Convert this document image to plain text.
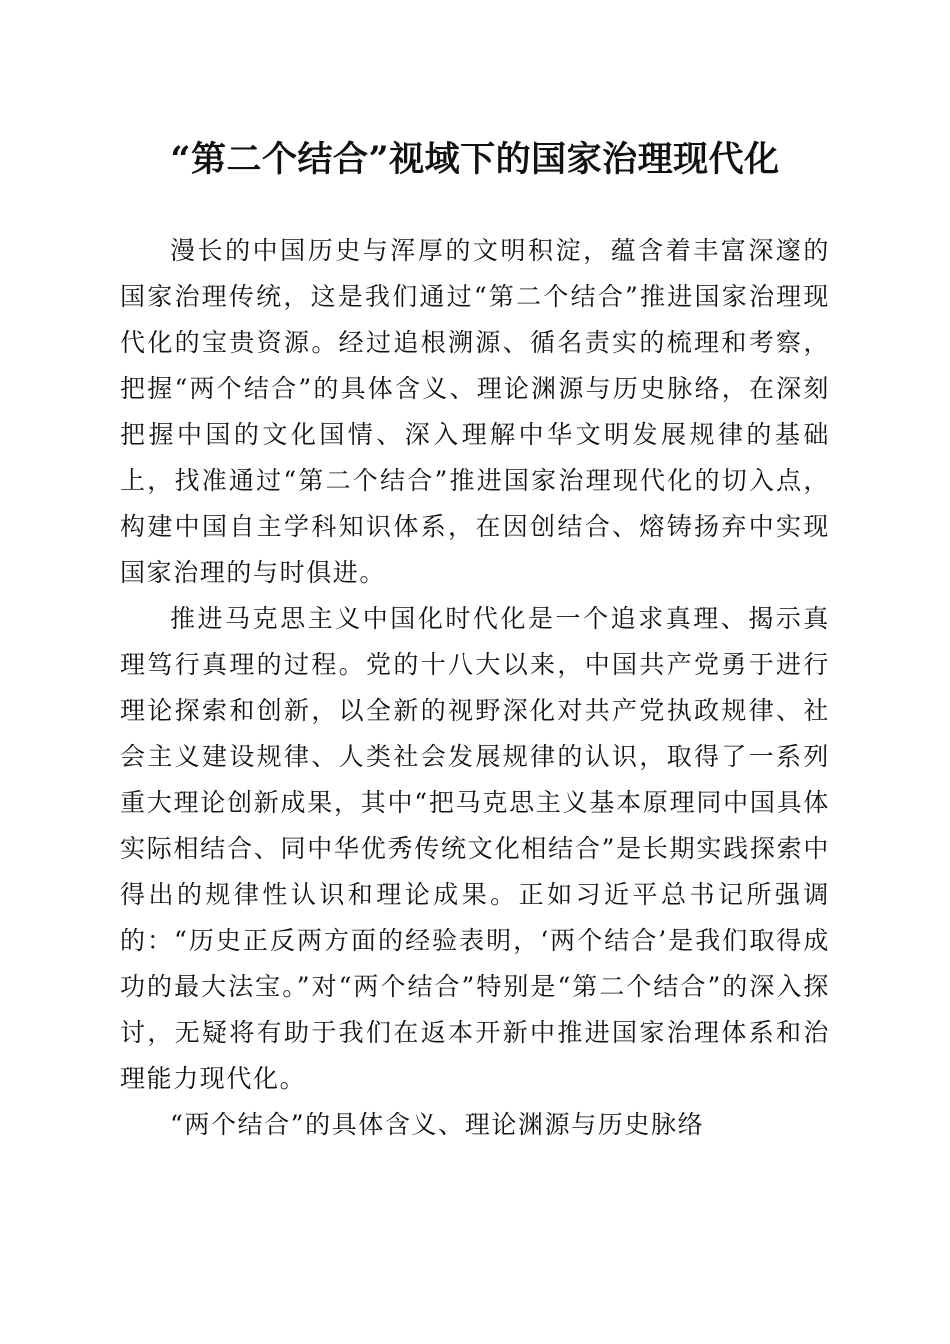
“第二个结合”视域下的国家治理现代化

漫长的中国历史与浑厚的文明积淀，蕴含着丰富深邃的国家治理传统，这是我们通过“第二个结合”推进国家治理现代化的宝贵资源。经过追根溯源、循名责实的梳理和考察，把握“两个结合”的具体含义、理论渊源与历史脉络，在深刻把握中国的文化国情、深入理解中华文明发展规律的基础上，找准通过“第二个结合”推进国家治理现代化的切入点，构建中国自主学科知识体系，在因创结合、熔铸扬弃中实现国家治理的与时俱进。

推进马克思主义中国化时代化是一个追求真理、揭示真理笃行真理的过程。党的十八大以来，中国共产党勇于进行理论探索和创新，以全新的视野深化对共产党执政规律、社会主义建设规律、人类社会发展规律的认识，取得了一系列重大理论创新成果，其中“把马克思主义基本原理同中国具体实际相结合、同中华优秀传统文化相结合”是长期实践探索中得出的规律性认识和理论成果。正如习近平总书记所强调的：“历史正反两方面的经验表明，‘两个结合’是我们取得成功的最大法宝。”对“两个结合”特别是“第二个结合”的深入探讨，无疑将有助于我们在返本开新中推进国家治理体系和治理能力现代化。

“两个结合”的具体含义、理论渊源与历史脉络
